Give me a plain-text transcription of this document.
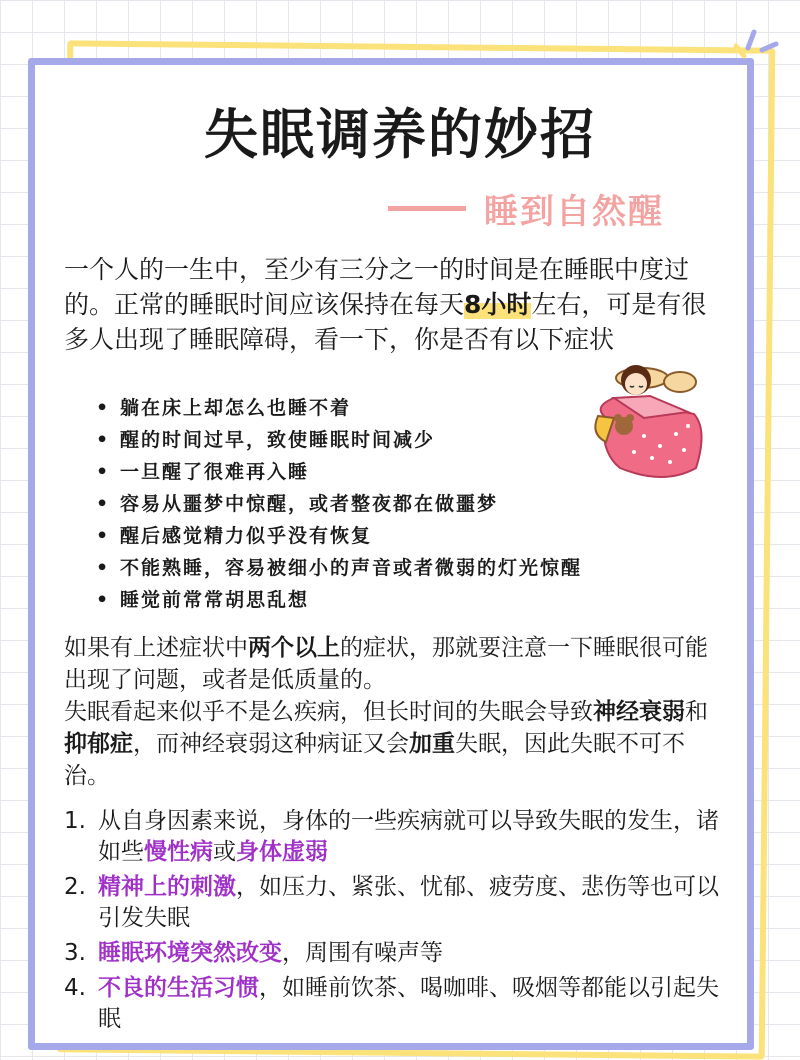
失眠调养的妙招
睡到自然醒

一个人的一生中，至少有三分之一的时间是在睡眠中度过的。正常的睡眠时间应该保持在每天8小时左右，可是有很多人出现了睡眠障碍，看一下，你是否有以下症状

• 躺在床上却怎么也睡不着
• 醒的时间过早，致使睡眠时间减少
• 一旦醒了很难再入睡
• 容易从噩梦中惊醒，或者整夜都在做噩梦
• 醒后感觉精力似乎没有恢复
• 不能熟睡，容易被细小的声音或者微弱的灯光惊醒
• 睡觉前常常胡思乱想

如果有上述症状中两个以上的症状，那就要注意一下睡眠很可能出现了问题，或者是低质量的。
失眠看起来似乎不是么疾病，但长时间的失眠会导致神经衰弱和抑郁症，而神经衰弱这种病证又会加重失眠，因此失眠不可不治。

1. 从自身因素来说，身体的一些疾病就可以导致失眠的发生，诸如些慢性病或身体虚弱
2. 精神上的刺激，如压力、紧张、忧郁、疲劳度、悲伤等也可以引发失眠
3. 睡眠环境突然改变，周围有噪声等
4. 不良的生活习惯，如睡前饮茶、喝咖啡、吸烟等都能以引起失眠
